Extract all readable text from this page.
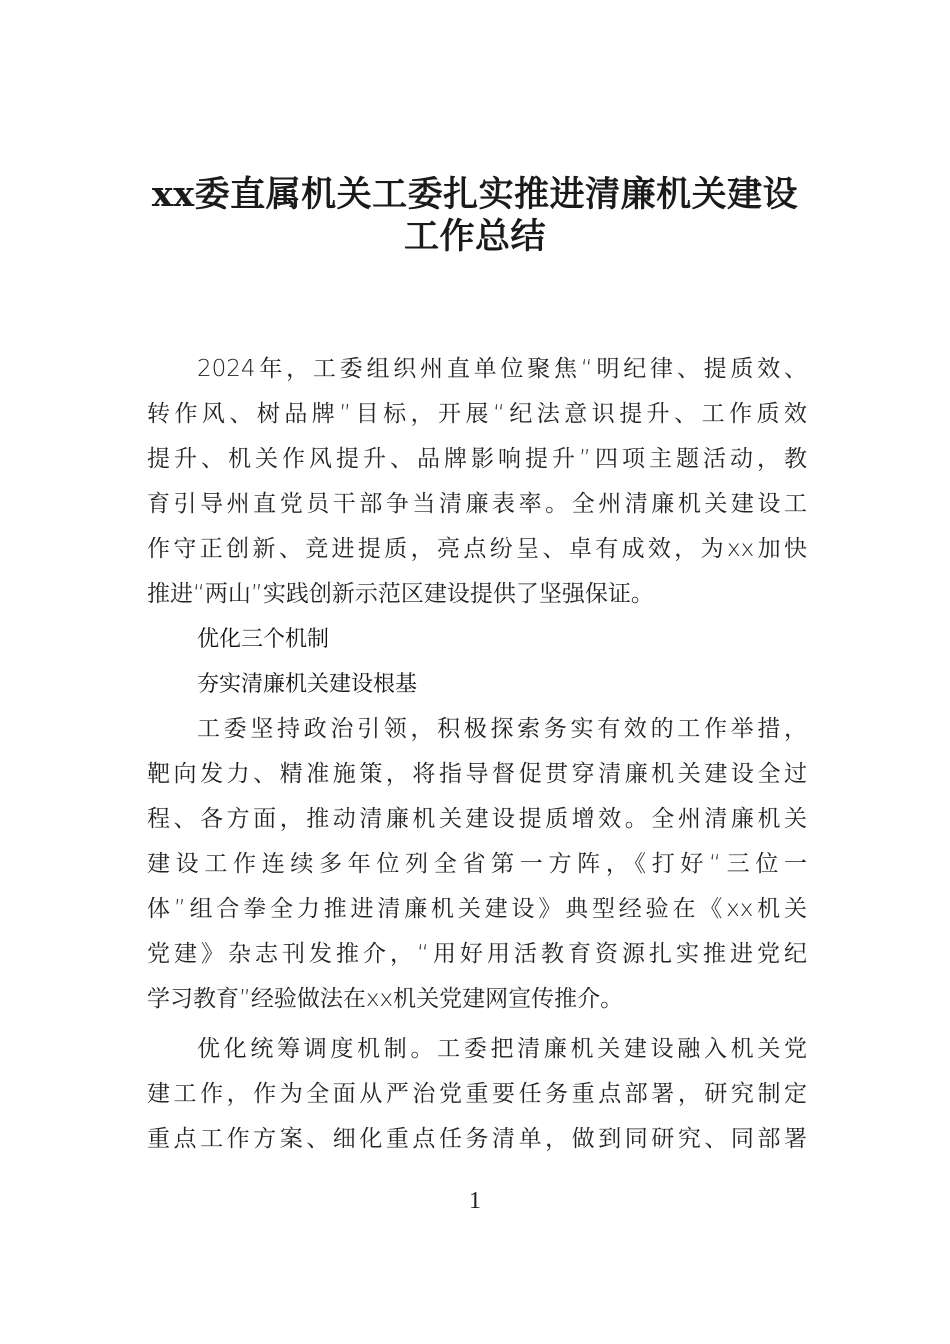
xx委直属机关工委扎实推进清廉机关建设
工作总结
2024年，工委组织州直单位聚焦“明纪律、提质效、
转作风、树品牌”目标，开展“纪法意识提升、工作质效
提升、机关作风提升、品牌影响提升”四项主题活动，教
育引导州直党员干部争当清廉表率。全州清廉机关建设工
作守正创新、竞进提质，亮点纷呈、卓有成效，为xx加快
推进“两山”实践创新示范区建设提供了坚强保证。
优化三个机制
夯实清廉机关建设根基
工委坚持政治引领，积极探索务实有效的工作举措，
靶向发力、精准施策，将指导督促贯穿清廉机关建设全过
程、各方面，推动清廉机关建设提质增效。全州清廉机关
建设工作连续多年位列全省第一方阵，《打好“三位一
体”组合拳全力推进清廉机关建设》典型经验在《xx机关
党建》杂志刊发推介，“用好用活教育资源扎实推进党纪
学习教育”经验做法在xx机关党建网宣传推介。
优化统筹调度机制。工委把清廉机关建设融入机关党
建工作，作为全面从严治党重要任务重点部署，研究制定
重点工作方案、细化重点任务清单，做到同研究、同部署
1
